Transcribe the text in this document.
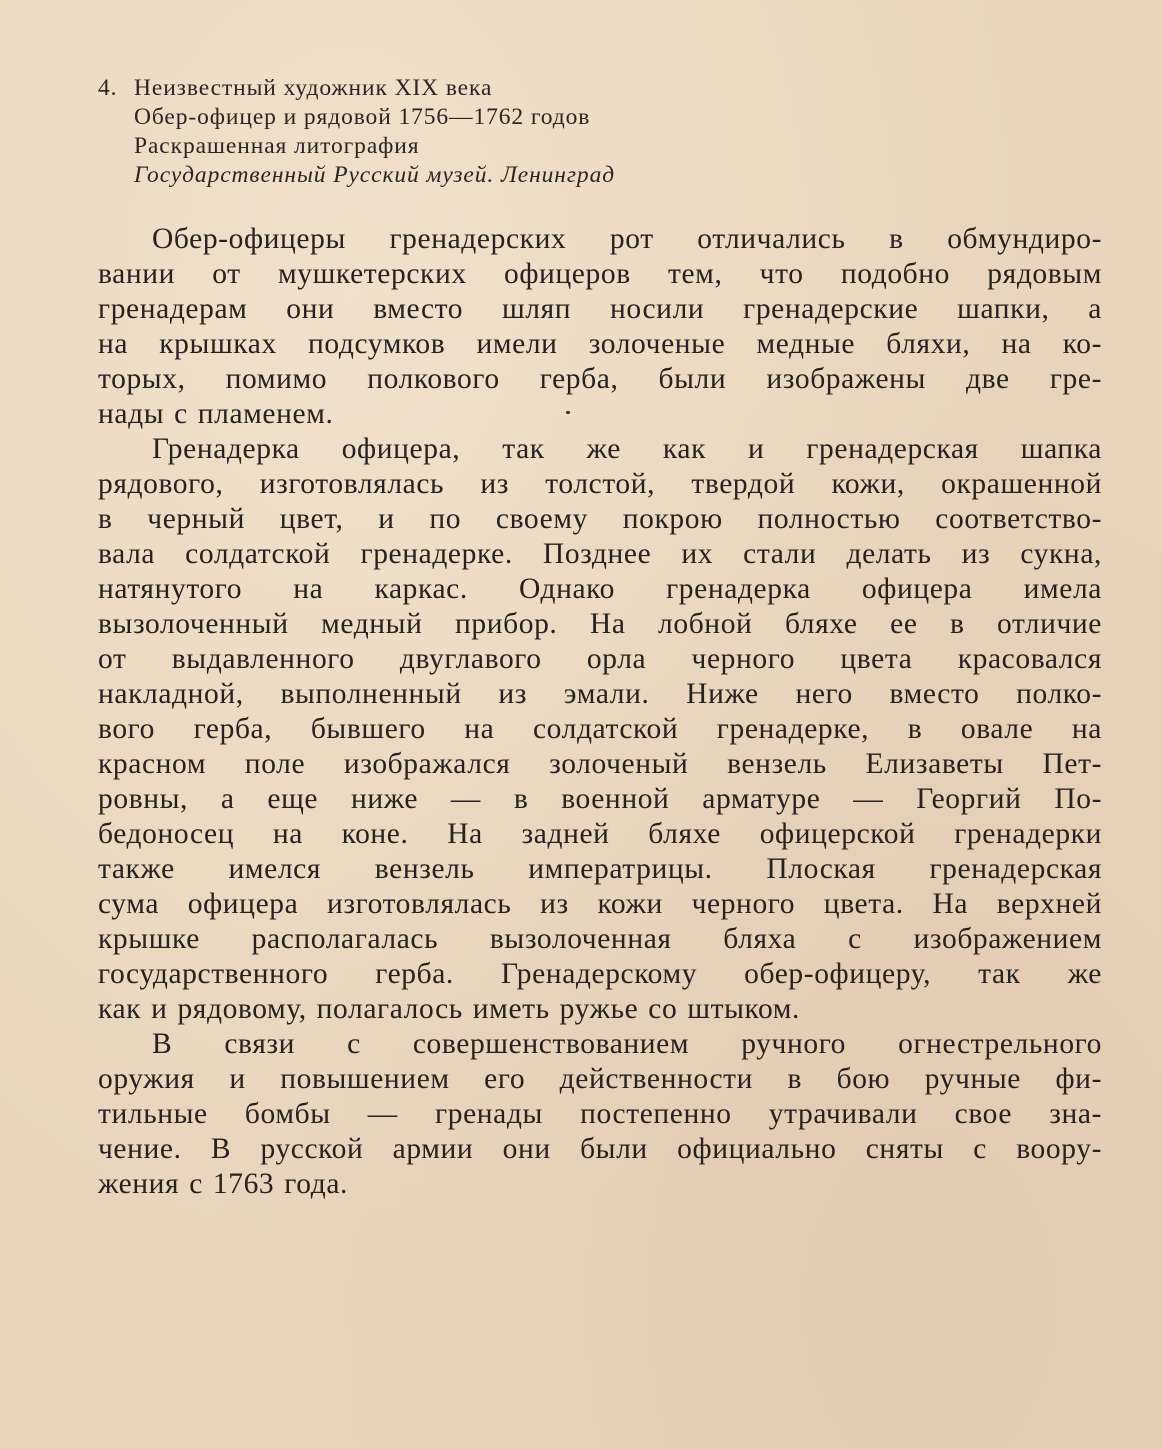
4. Неизвестный художник XIX века
Обер-офицер и рядовой 1756—1762 годов
Раскрашенная литография
Государственный Русский музей. Ленинград
Обер-офицеры гренадерских рот отличались в обмундиро-
вании от мушкетерских офицеров тем, что подобно рядовым
гренадерам они вместо шляп носили гренадерские шапки, а
на крышках подсумков имели золоченые медные бляхи, на ко-
торых, помимо полкового герба, были изображены две гре-
нады с пламенем.
Гренадерка офицера, так же как и гренадерская шапка
рядового, изготовлялась из толстой, твердой кожи, окрашенной
в черный цвет, и по своему покрою полностью соответство-
вала солдатской гренадерке. Позднее их стали делать из сукна,
натянутого на каркас. Однако гренадерка офицера имела
вызолоченный медный прибор. На лобной бляхе ее в отличие
от выдавленного двуглавого орла черного цвета красовался
накладной, выполненный из эмали. Ниже него вместо полко-
вого герба, бывшего на солдатской гренадерке, в овале на
красном поле изображался золоченый вензель Елизаветы Пет-
ровны, а еще ниже — в военной арматуре — Георгий По-
бедоносец на коне. На задней бляхе офицерской гренадерки
также имелся вензель императрицы. Плоская гренадерская
сума офицера изготовлялась из кожи черного цвета. На верхней
крышке располагалась вызолоченная бляха с изображением
государственного герба. Гренадерскому обер-офицеру, так же
как и рядовому, полагалось иметь ружье со штыком.
В связи с совершенствованием ручного огнестрельного
оружия и повышением его действенности в бою ручные фи-
тильные бомбы — гренады постепенно утрачивали свое зна-
чение. В русской армии они были официально сняты с воору-
жения с 1763 года.
